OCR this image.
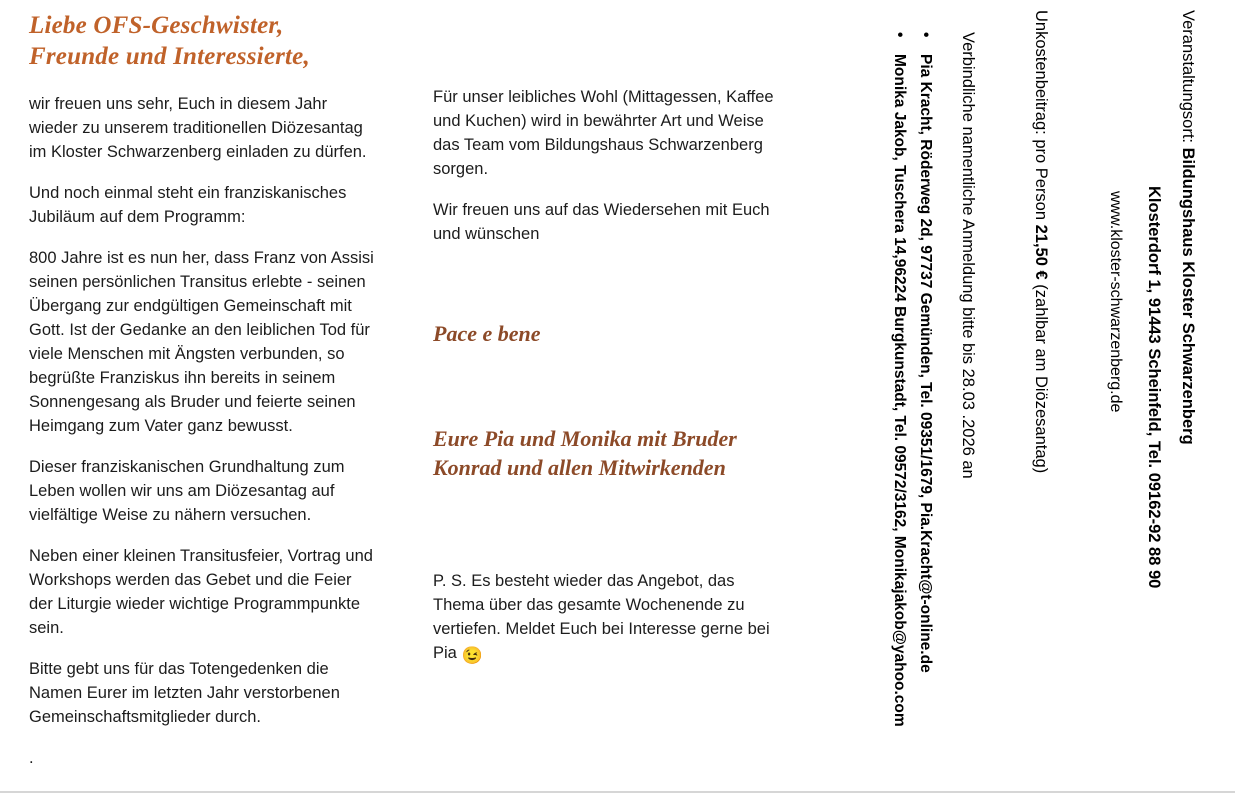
Liebe OFS-Geschwister,
Freunde und Interessierte,

wir freuen uns sehr, Euch in diesem Jahr wieder zu unserem traditionellen Diözesantag im Kloster Schwarzenberg einladen zu dürfen.

Und noch einmal steht ein franziskanisches Jubiläum auf dem Programm:

800 Jahre ist es nun her, dass Franz von Assisi seinen persönlichen Transitus erlebte - seinen Übergang zur endgültigen Gemeinschaft mit Gott. Ist der Gedanke an den leiblichen Tod für viele Menschen mit Ängsten verbunden, so begrüßte Franziskus ihn bereits in seinem Sonnengesang als Bruder und feierte seinen Heimgang zum Vater ganz bewusst.

Dieser franziskanischen Grundhaltung zum Leben wollen wir uns am Diözesantag auf vielfältige Weise zu nähern versuchen.

Neben einer kleinen Transitusfeier, Vortrag und Workshops werden das Gebet und die Feier der Liturgie wieder wichtige Programmpunkte sein.

Bitte gebt uns für das Totengedenken die Namen Eurer im letzten Jahr verstorbenen Gemeinschaftsmitglieder durch.

.

Für unser leibliches Wohl (Mittagessen, Kaffee und Kuchen) wird in bewährter Art und Weise das Team vom Bildungshaus Schwarzenberg sorgen.

Wir freuen uns auf das Wiedersehen mit Euch und wünschen

Pace e bene

Eure Pia und Monika mit Bruder
Konrad und allen Mitwirkenden

P. S. Es besteht wieder das Angebot, das Thema über das gesamte Wochenende zu vertiefen. Meldet Euch bei Interesse gerne bei Pia 😉

Veranstaltungsort: Bildungshaus Kloster Schwarzenberg
Klosterdorf 1, 91443 Scheinfeld, Tel. 09162-92 88 90
www.kloster-schwarzenberg.de
Unkostenbeitrag: pro Person 21,50 € (zahlbar am Diözesantag)
Verbindliche namentliche Anmeldung bitte bis 28.03 .2026 an
•Pia Kracht, Röderweg 2d, 97737 Gemünden, Tel. 09351/1679, Pia.Kracht@t-online.de
•Monika Jakob, Tuschera 14,96224 Burgkunstadt, Tel. 09572/3162, Monikajakob@yahoo.com
